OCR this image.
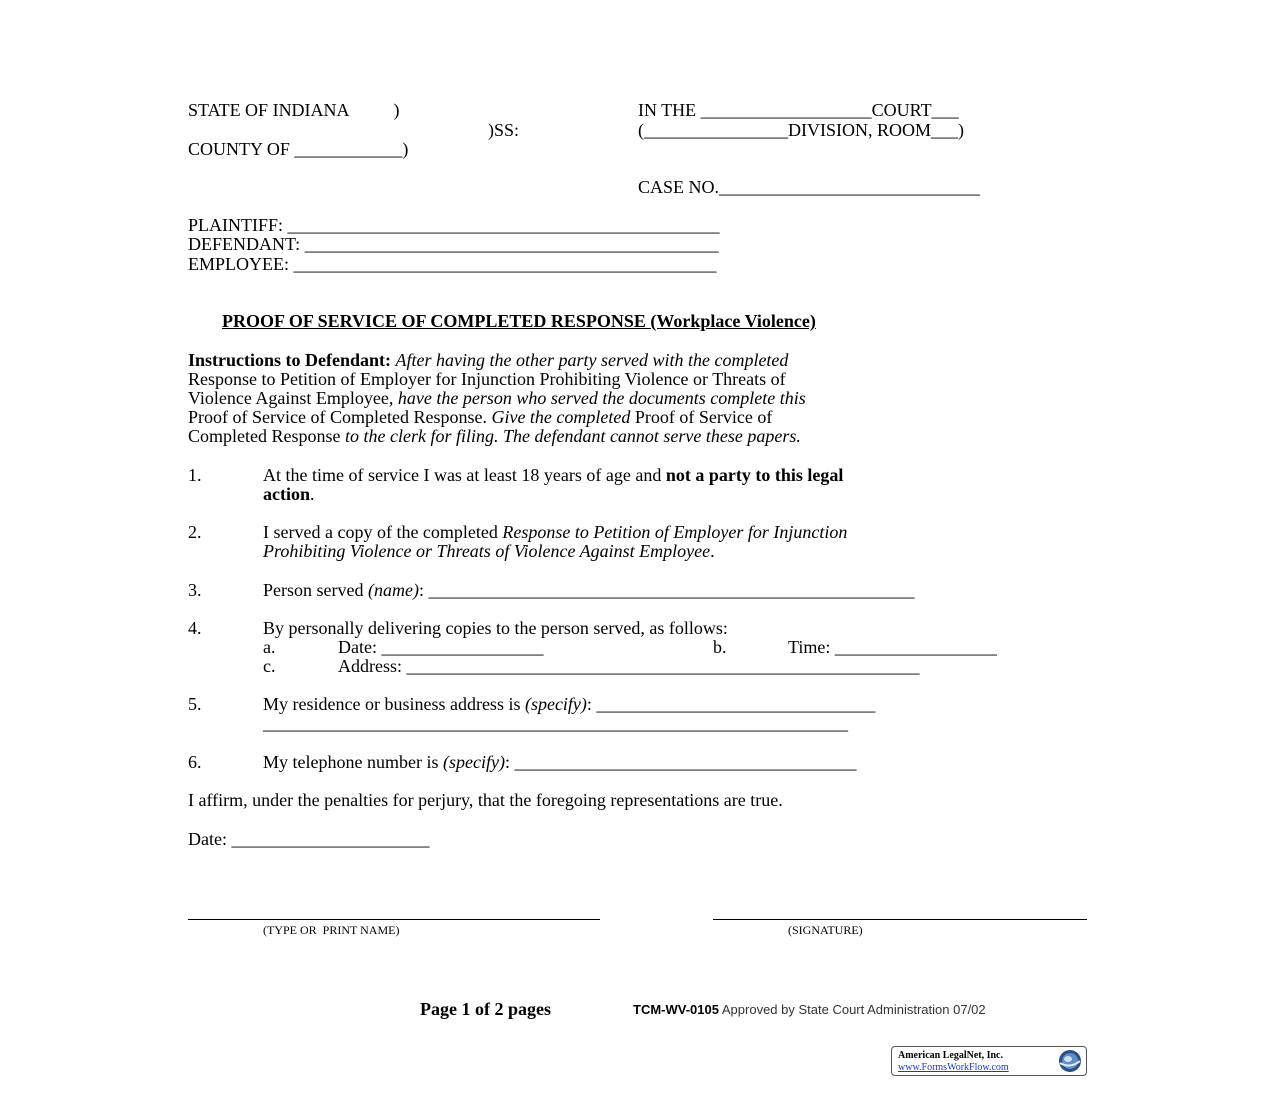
STATE OF INDIANA          )
)SS:
COUNTY OF ____________)
IN THE ___________________COURT___
(________________DIVISION, ROOM___)
CASE NO._____________________________
PLAINTIFF: ________________________________________________
DEFENDANT: ______________________________________________
EMPLOYEE: _______________________________________________
PROOF OF SERVICE OF COMPLETED RESPONSE (Workplace Violence)
Instructions to Defendant: After having the other party served with the completed
Response to Petition of Employer for Injunction Prohibiting Violence or Threats of
Violence Against Employee, have the person who served the documents complete this
Proof of Service of Completed Response. Give the completed Proof of Service of
Completed Response to the clerk for filing. The defendant cannot serve these papers.
1.	At the time of service I was at least 18 years of age and not a party to this legal
action.
2.	I served a copy of the completed Response to Petition of Employer for Injunction
Prohibiting Violence or Threats of Violence Against Employee.
3.	Person served (name): ______________________________________________________
4.	By personally delivering copies to the person served, as follows:
a.	Date: __________________	b.	Time: __________________
c.	Address: _________________________________________________________
5.	My residence or business address is (specify): _______________________________
_________________________________________________________________
6.	My telephone number is (specify): ______________________________________
I affirm, under the penalties for perjury, that the foregoing representations are true.
Date: ______________________
(TYPE OR  PRINT NAME)	(SIGNATURE)
Page 1 of 2 pages	TCM-WV-0105 Approved by State Court Administration 07/02
American LegalNet, Inc.
www.FormsWorkFlow.com
